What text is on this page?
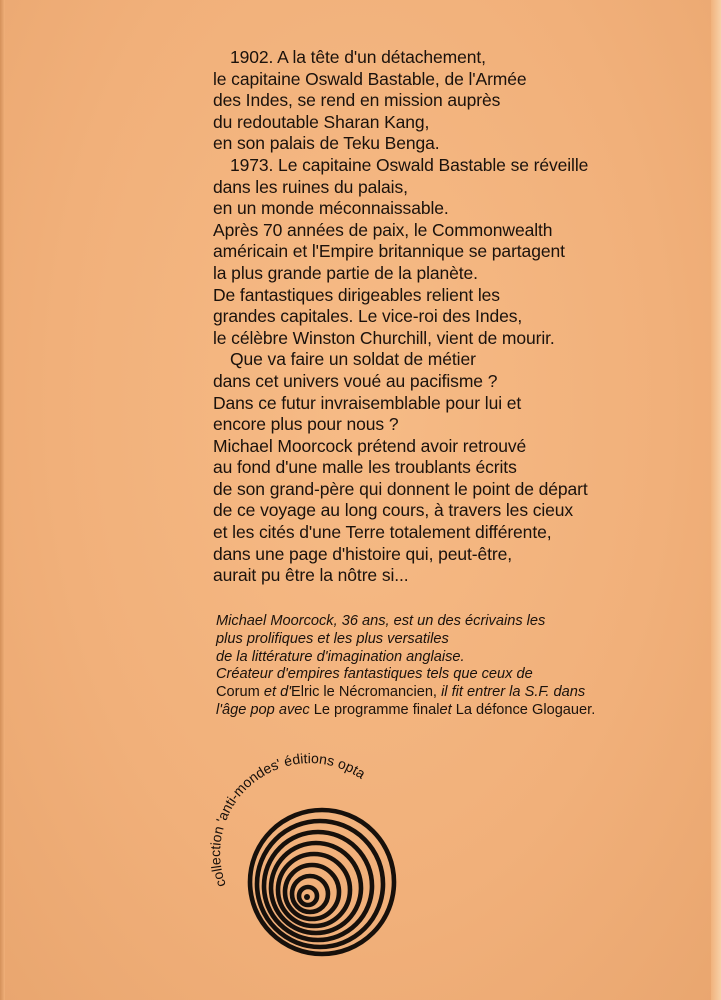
1902. A la tête d'un détachement,
le capitaine Oswald Bastable, de l'Armée
des Indes, se rend en mission auprès
du redoutable Sharan Kang,
en son palais de Teku Benga.
1973. Le capitaine Oswald Bastable se réveille
dans les ruines du palais,
en un monde méconnaissable.
Après 70 années de paix, le Commonwealth
américain et l'Empire britannique se partagent
la plus grande partie de la planète.
De fantastiques dirigeables relient les
grandes capitales. Le vice-roi des Indes,
le célèbre Winston Churchill, vient de mourir.
Que va faire un soldat de métier
dans cet univers voué au pacifisme ?
Dans ce futur invraisemblable pour lui et
encore plus pour nous ?
Michael Moorcock prétend avoir retrouvé
au fond d'une malle les troublants écrits
de son grand-père qui donnent le point de départ
de ce voyage au long cours, à travers les cieux
et les cités d'une Terre totalement différente,
dans une page d'histoire qui, peut-être,
aurait pu être la nôtre si...
Michael Moorcock, 36 ans, est un des écrivains les
plus prolifiques et les plus versatiles
de la littérature d'imagination anglaise.
Créateur d'empires fantastiques tels que ceux de
Corum et d'Elric le Nécromancien, il fit entrer la S.F. dans
l'âge pop avec Le programme finalet La défonce Glogauer.
collection 'anti-mondes' éditions opta
